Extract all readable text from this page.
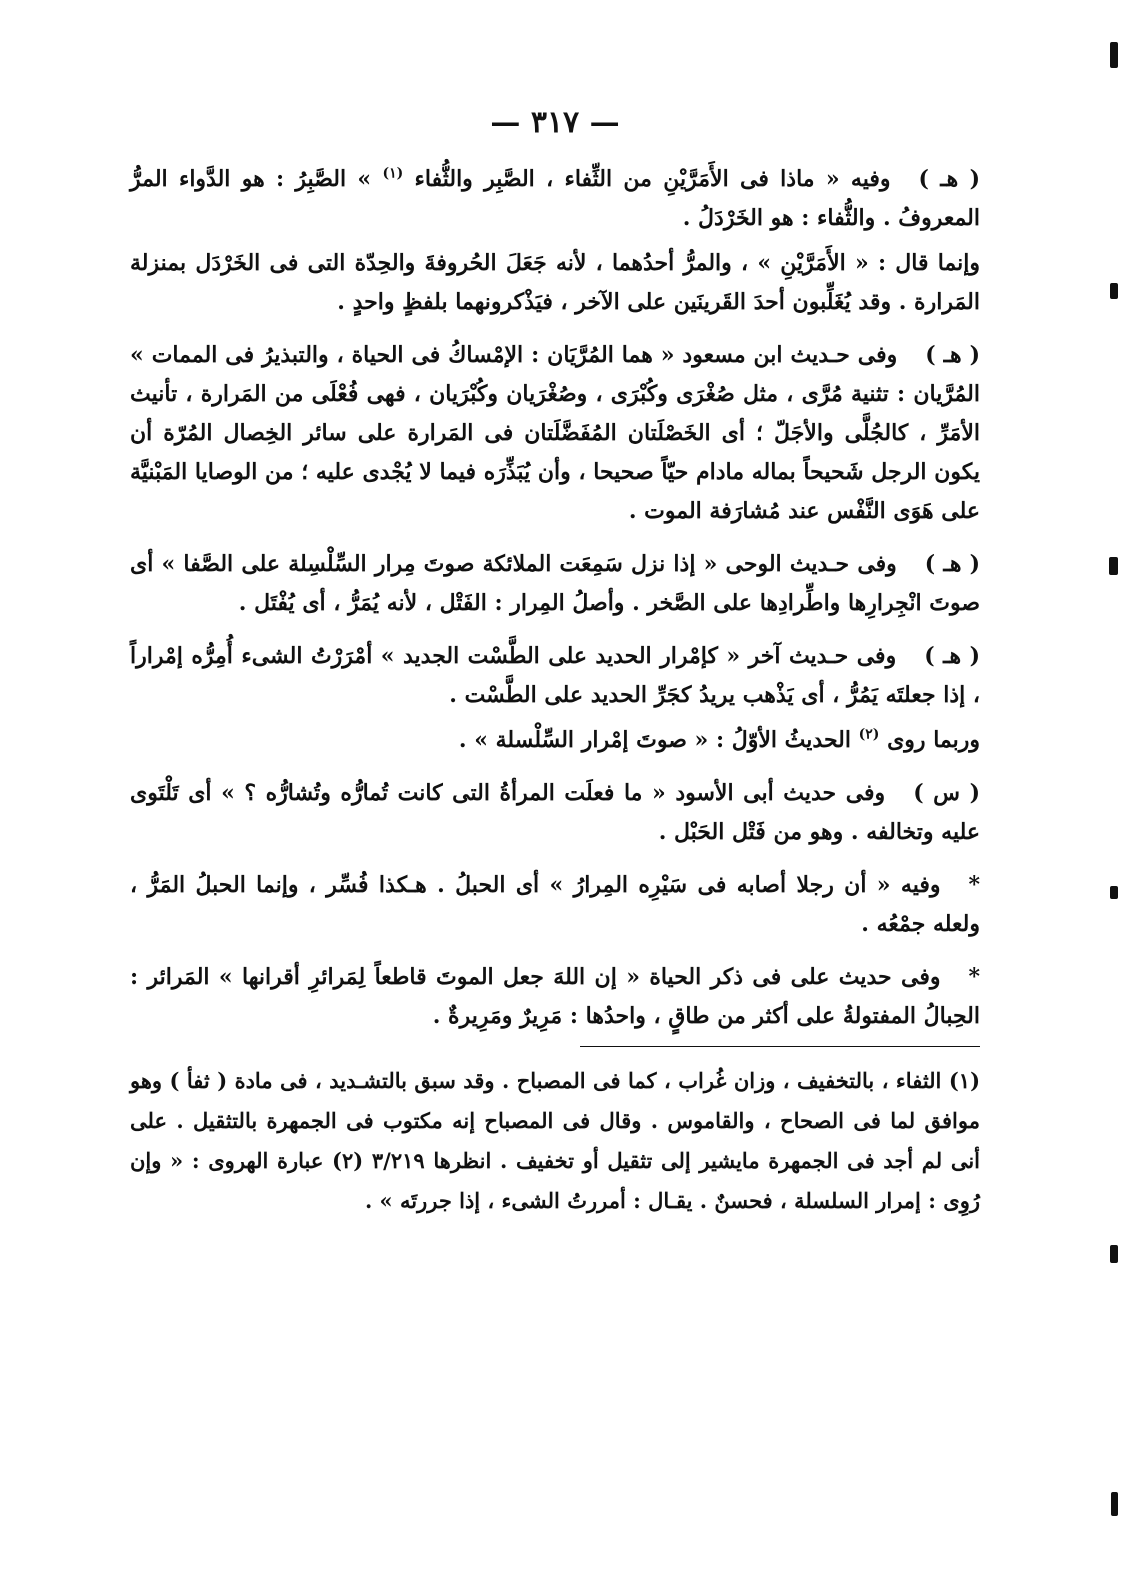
— ٣١٧ —

( هـ )وفيه « ماذا فى الأَمَرَّيْنِ من الثِّفاء ، الصَّبِر والثُّفاء $^{(١)}$ » الصَّبِرُ : هو الدَّواء المرُّ المعروفُ . والثُّفاء : هو الخَرْدَلُ .

وإنما قال : « الأَمَرَّيْنِ » ، والمرُّ أحدُهما ، لأنه جَعَلَ الحُروفةَ والحِدّة التى فى الخَرْدَل بمنزلة المَرارة . وقد يُغَلِّبون أحدَ القَرينَين على الآخر ، فيَذْكرونهما بلفظٍ واحدٍ .

( هـ )وفى حـديث ابن مسعود « هما المُرَّيَان : الإمْساكُ فى الحياة ، والتبذيرُ فى الممات » المُرَّيان : تثنية مُرَّى ، مثل صُغْرَى وكُبْرَى ، وصُغْرَيان وكُبْرَيان ، فهى فُعْلَى من المَرارة ، تأنيث الأمَرِّ ، كالجُلَّى والأجَلّ ؛ أى الخَصْلَتان المُفَضَّلَتان فى المَرارة على سائر الخِصال المُرّة أن يكون الرجل شَحيحاً بماله مادام حيّاً صحيحا ، وأن يُبَذِّرَه فيما لا يُجْدى عليه ؛ من الوصايا المَبْنيَّة على هَوَى النَّفْس عند مُشارَفة الموت .

( هـ )وفى حـديث الوحى « إذا نزل سَمِعَت الملائكة صوتَ مِرار السِّلْسِلة على الصَّفا » أى صوتَ انْجِرارِها واطِّرادِها على الصَّخر . وأصلُ المِرار : الفَتْل ، لأنه يُمَرُّ ، أى يُفْتَل .

( هـ )وفى حـديث آخر « كإمْرار الحديد على الطَّسْت الجديد » أمْرَرْتُ الشىء أُمِرُّه إمْراراً ، إذا جعلتَه يَمُرُّ ، أى يَذْهب يريدُ كجَرِّ الحديد على الطَّسْت .

وربما روى $^{(٢)}$ الحديثُ الأوّلُ : « صوتَ إمْرار السِّلْسلة » .

( س )وفى حديث أبى الأسود « ما فعلَت المرأةُ التى كانت تُمارُّه وتُشارُّه ؟ » أى تَلْتَوى عليه وتخالفه . وهو من فَتْل الحَبْل .

*وفيه « أن رجلا أصابه فى سَيْرِه المِرارُ » أى الحبلُ . هـكذا فُسِّر ، وإنما الحبلُ المَرُّ ، ولعله جمْعُه .

*وفى حديث على فى ذكر الحياة « إن اللهَ جعل الموتَ قاطعاً لِمَرائرِ أقرانها » المَرائر : الحِبالُ المفتولةُ على أكثر من طاقٍ ، واحدُها : مَرِيرٌ ومَرِيرةٌ .

(١) الثفاء ، بالتخفيف ، وزان غُراب ، كما فى المصباح . وقد سبق بالتشـديد ، فى مادة ( ثفأ ) وهو موافق لما فى الصحاح ، والقاموس . وقال فى المصباح إنه مكتوب فى الجمهرة بالتثقيل . على أنى لم أجد فى الجمهرة مايشير إلى تثقيل أو تخفيف . انظرها ٣/٢١٩ (٢) عبارة الهروى : « وإن رُوِى : إمرار السلسلة ، فحسنٌ . يقـال : أمررتُ الشىء ، إذا جررتَه » .
